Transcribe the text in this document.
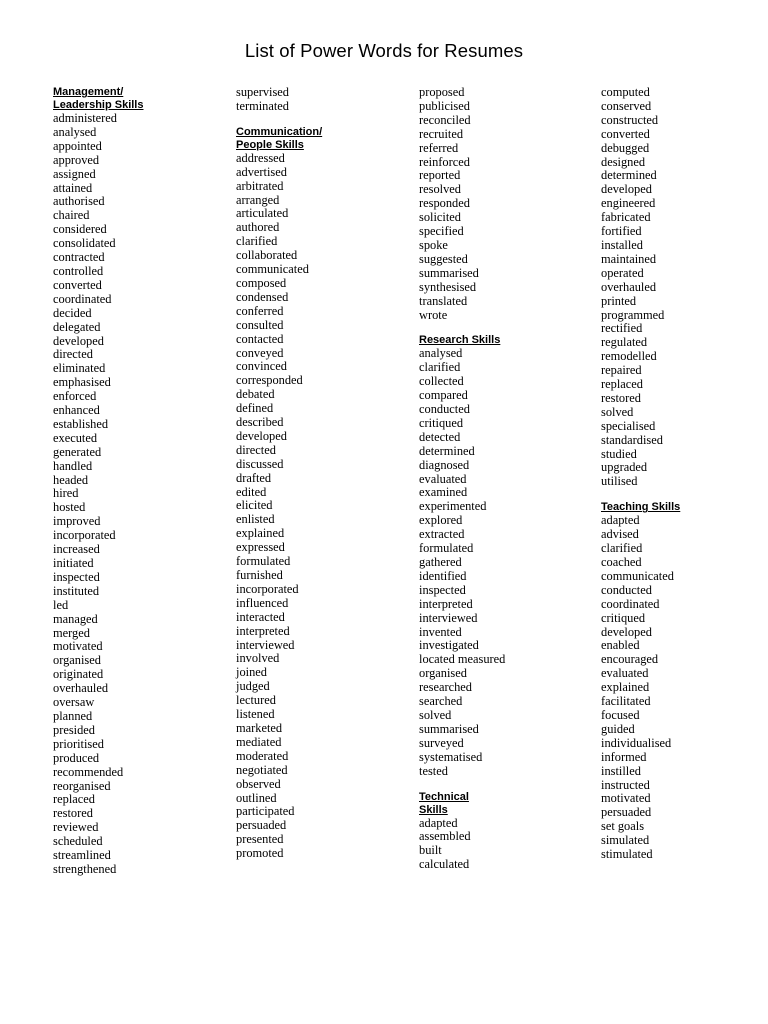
List of Power Words for Resumes
Management/
Leadership Skills
administered
analysed
appointed
approved
assigned
attained
authorised
chaired
considered
consolidated
contracted
controlled
converted
coordinated
decided
delegated
developed
directed
eliminated
emphasised
enforced
enhanced
established
executed
generated
handled
headed
hired
hosted
improved
incorporated
increased
initiated
inspected
instituted
led
managed
merged
motivated
organised
originated
overhauled
oversaw
planned
presided
prioritised
produced
recommended
reorganised
replaced
restored
reviewed
scheduled
streamlined
strengthened
supervised
terminated
Communication/
People Skills
addressed
advertised
arbitrated
arranged
articulated
authored
clarified
collaborated
communicated
composed
condensed
conferred
consulted
contacted
conveyed
convinced
corresponded
debated
defined
described
developed
directed
discussed
drafted
edited
elicited
enlisted
explained
expressed
formulated
furnished
incorporated
influenced
interacted
interpreted
interviewed
involved
joined
judged
lectured
listened
marketed
mediated
moderated
negotiated
observed
outlined
participated
persuaded
presented
promoted
proposed
publicised
reconciled
recruited
referred
reinforced
reported
resolved
responded
solicited
specified
spoke
suggested
summarised
synthesised
translated
wrote
Research Skills
analysed
clarified
collected
compared
conducted
critiqued
detected
determined
diagnosed
evaluated
examined
experimented
explored
extracted
formulated
gathered
identified
inspected
interpreted
interviewed
invented
investigated
located measured
organised
researched
searched
solved
summarised
surveyed
systematised
tested
Technical
Skills
adapted
assembled
built
calculated
computed
conserved
constructed
converted
debugged
designed
determined
developed
engineered
fabricated
fortified
installed
maintained
operated
overhauled
printed
programmed
rectified
regulated
remodelled
repaired
replaced
restored
solved
specialised
standardised
studied
upgraded
utilised
Teaching Skills
adapted
advised
clarified
coached
communicated
conducted
coordinated
critiqued
developed
enabled
encouraged
evaluated
explained
facilitated
focused
guided
individualised
informed
instilled
instructed
motivated
persuaded
set goals
simulated
stimulated
